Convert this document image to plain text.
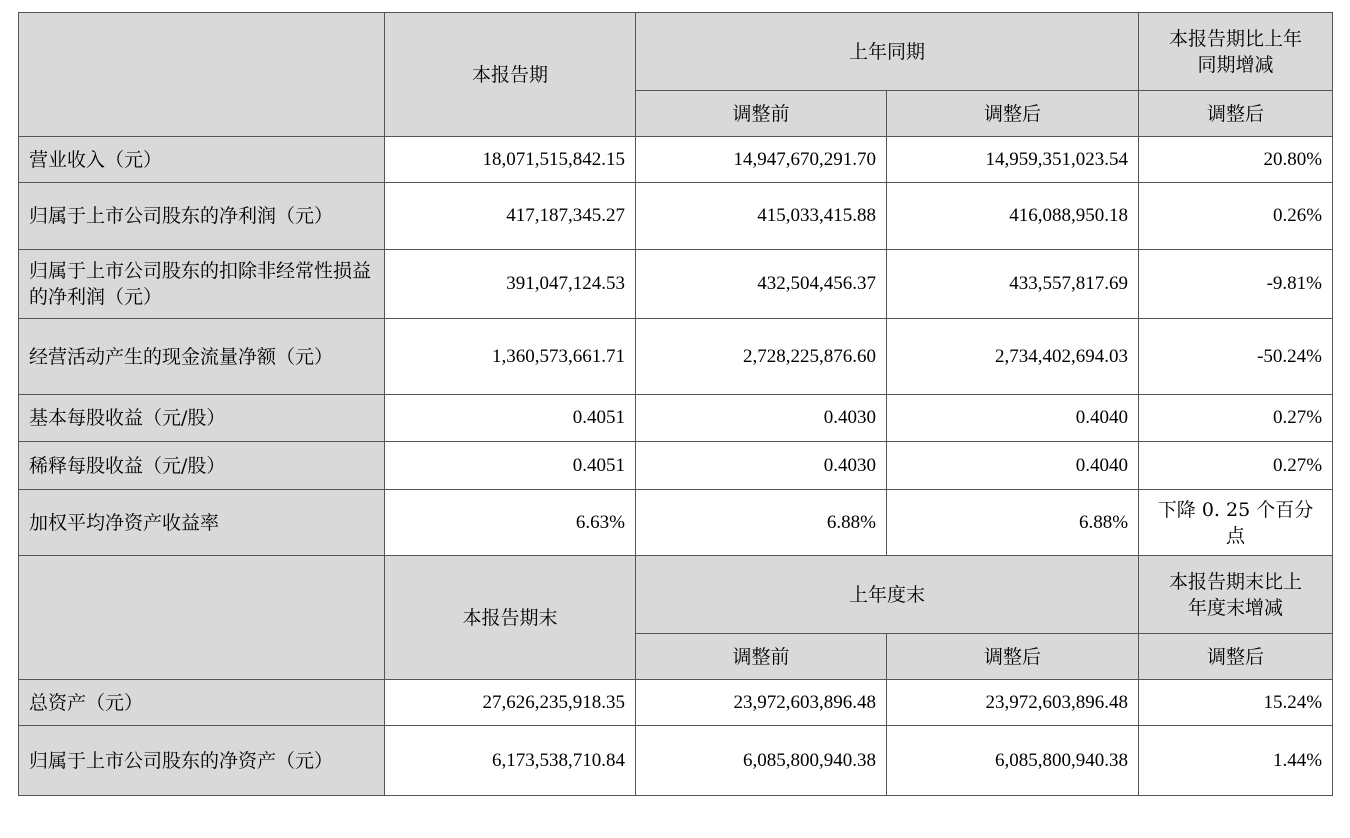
	本报告期	上年同期		本报告期比上年同期增减
		调整前	调整后	调整后
营业收入（元）	18,071,515,842.15	14,947,670,291.70	14,959,351,023.54	20.80%
归属于上市公司股东的净利润（元）	417,187,345.27	415,033,415.88	416,088,950.18	0.26%
归属于上市公司股东的扣除非经常性损益的净利润（元）	391,047,124.53	432,504,456.37	433,557,817.69	-9.81%
经营活动产生的现金流量净额（元）	1,360,573,661.71	2,728,225,876.60	2,734,402,694.03	-50.24%
基本每股收益（元/股）	0.4051	0.4030	0.4040	0.27%
稀释每股收益（元/股）	0.4051	0.4030	0.4040	0.27%
加权平均净资产收益率	6.63%	6.88%	6.88%	下降 0. 25 个百分点
	本报告期末	上年度末		本报告期末比上年度末增减
		调整前	调整后	调整后
总资产（元）	27,626,235,918.35	23,972,603,896.48	23,972,603,896.48	15.24%
归属于上市公司股东的净资产（元）	6,173,538,710.84	6,085,800,940.38	6,085,800,940.38	1.44%
